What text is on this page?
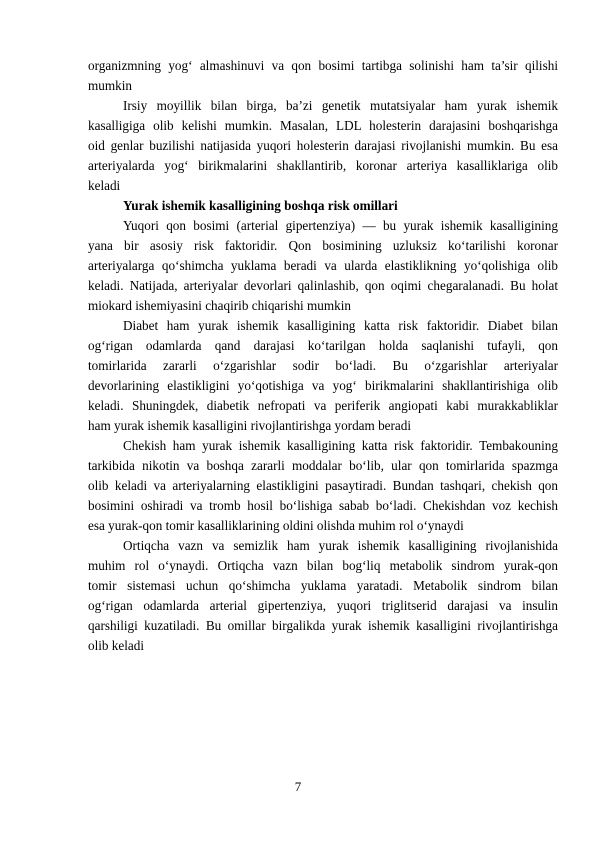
organizmning yog‘ almashinuvi va qon bosimi tartibga solinishi ham ta’sir qilishi
mumkin
Irsiy moyillik bilan birga, ba’zi genetik mutatsiyalar ham yurak ishemik
kasalligiga olib kelishi mumkin. Masalan, LDL holesterin darajasini boshqarishga
oid genlar buzilishi natijasida yuqori holesterin darajasi rivojlanishi mumkin. Bu esa
arteriyalarda yog‘ birikmalarini shakllantirib, koronar arteriya kasalliklariga olib
keladi
Yurak ishemik kasalligining boshqa risk omillari
Yuqori qon bosimi (arterial gipertenziya) — bu yurak ishemik kasalligining
yana bir asosiy risk faktoridir. Qon bosimining uzluksiz ko‘tarilishi koronar
arteriyalarga qo‘shimcha yuklama beradi va ularda elastiklikning yo‘qolishiga olib
keladi. Natijada, arteriyalar devorlari qalinlashib, qon oqimi chegaralanadi. Bu holat
miokard ishemiyasini chaqirib chiqarishi mumkin
Diabet ham yurak ishemik kasalligining katta risk faktoridir. Diabet bilan
og‘rigan odamlarda qand darajasi ko‘tarilgan holda saqlanishi tufayli, qon
tomirlarida zararli o‘zgarishlar sodir bo‘ladi. Bu o‘zgarishlar arteriyalar
devorlarining elastikligini yo‘qotishiga va yog‘ birikmalarini shakllantirishiga olib
keladi. Shuningdek, diabetik nefropati va periferik angiopati kabi murakkabliklar
ham yurak ishemik kasalligini rivojlantirishga yordam beradi
Chekish ham yurak ishemik kasalligining katta risk faktoridir. Tembakouning
tarkibida nikotin va boshqa zararli moddalar bo‘lib, ular qon tomirlarida spazmga
olib keladi va arteriyalarning elastikligini pasaytiradi. Bundan tashqari, chekish qon
bosimini oshiradi va tromb hosil bo‘lishiga sabab bo‘ladi. Chekishdan voz kechish
esa yurak-qon tomir kasalliklarining oldini olishda muhim rol o‘ynaydi
Ortiqcha vazn va semizlik ham yurak ishemik kasalligining rivojlanishida
muhim rol o‘ynaydi. Ortiqcha vazn bilan bog‘liq metabolik sindrom yurak-qon
tomir sistemasi uchun qo‘shimcha yuklama yaratadi. Metabolik sindrom bilan
og‘rigan odamlarda arterial gipertenziya, yuqori triglitserid darajasi va insulin
qarshiligi kuzatiladi. Bu omillar birgalikda yurak ishemik kasalligini rivojlantirishga
olib keladi
7
